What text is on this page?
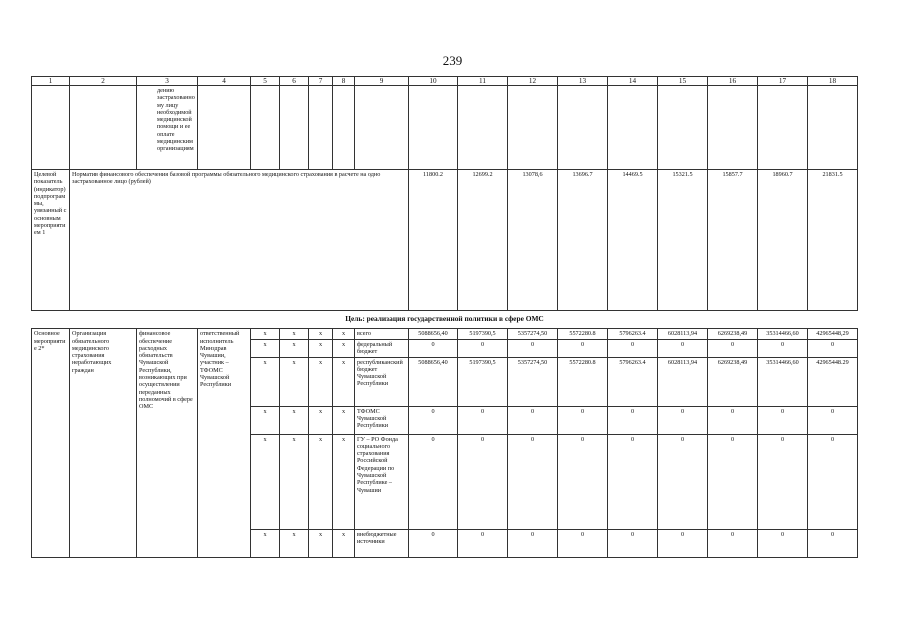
239
1	2	3	4	5	6	7	8	9	10	11	12	13	14	15	16	17	18
		дению застрахованному лицу необходимой медицинской помощи и ее оплате медицинским организациям															
Целевой показатель (индикатор) подпрограммы, увязанный с основным мероприятием 1	Норматив финансового обеспечения базовой программы обязательного медицинского страхования в расчете на одно застрахованное лицо (рублей)								11800.2	12699.2	13078,6	13696.7	14469.5	15321.5	15857.7	18960.7	21831.5
Цель: реализация государственной политики в сфере ОМС																	
Основное мероприятие 2*	Организация обязательного медицинского страхования неработающих граждан	финансовое обеспечение расходных обязательств Чувашской Республики, возникающих при осуществлении переданных полномочий в сфере ОМС	ответственный исполнитель Минздрав Чувашии, участник – ТФОМС Чувашской Республики	x	x	x	x	всего	5088656,40	5197390,5	5357274,50	5572280.8	5796263.4	6028113,94	6269238,49	35314466,60	42965448,29
				x	x	x	x	федеральный бюджет	0	0	0	0	0	0	0	0	0
				x	x	x	x	республиканский бюджет Чувашской Республики	5088656,40	5197390,5	5357274,50	5572280.8	5796263.4	6028113,94	6269238,49	35314466,60	42965448.29
				x	x	x	x	ТФОМС Чувашской Республики	0	0	0	0	0	0	0	0	0
				x	x	x	x	ГУ – РО Фонда социального страхования Российской Федерации по Чувашской Республике – Чувашии	0	0	0	0	0	0	0	0	0
				x	x	x	x	внебюджетные источники	0	0	0	0	0	0	0	0	0
